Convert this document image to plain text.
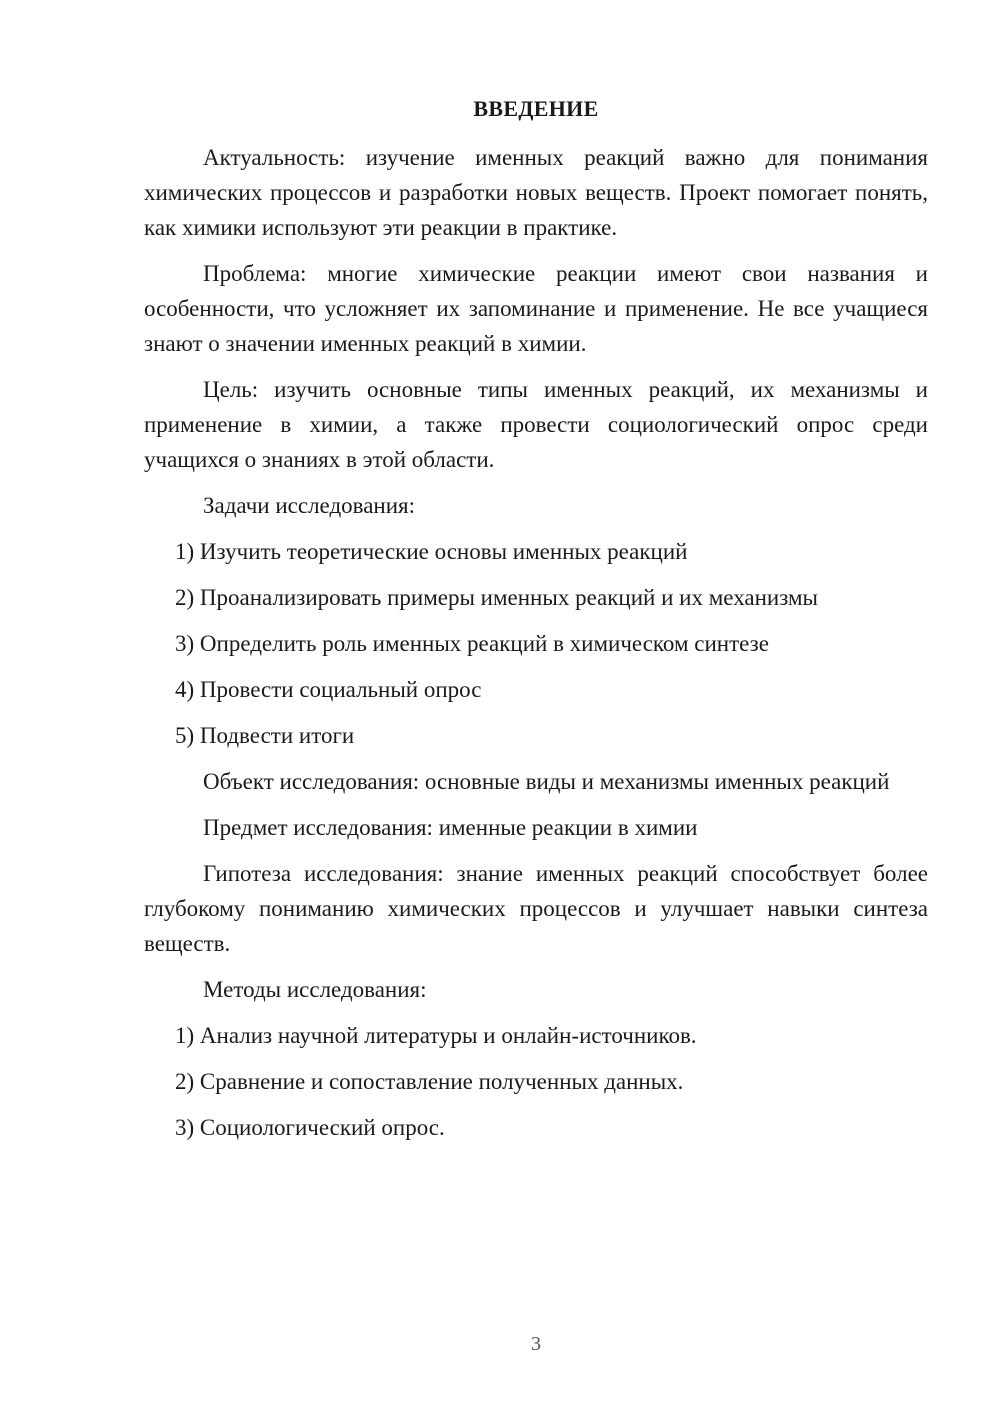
ВВЕДЕНИЕ

Актуальность: изучение именных реакций важно для понимания химических процессов и разработки новых веществ. Проект помогает понять, как химики используют эти реакции в практике.

Проблема: многие химические реакции имеют свои названия и особенности, что усложняет их запоминание и применение. Не все учащиеся знают о значении именных реакций в химии.

Цель: изучить основные типы именных реакций, их механизмы и применение в химии, а также провести социологический опрос среди учащихся о знаниях в этой области.

Задачи исследования:

1) Изучить теоретические основы именных реакций

2) Проанализировать примеры именных реакций и их механизмы

3) Определить роль именных реакций в химическом синтезе

4) Провести социальный опрос

5) Подвести итоги

Объект исследования: основные виды и механизмы именных реакций

Предмет исследования: именные реакции в химии

Гипотеза исследования: знание именных реакций способствует более глубокому пониманию химических процессов и улучшает навыки синтеза веществ.

Методы исследования:

1) Анализ научной литературы и онлайн-источников.

2) Сравнение и сопоставление полученных данных.

3) Социологический опрос.

3
